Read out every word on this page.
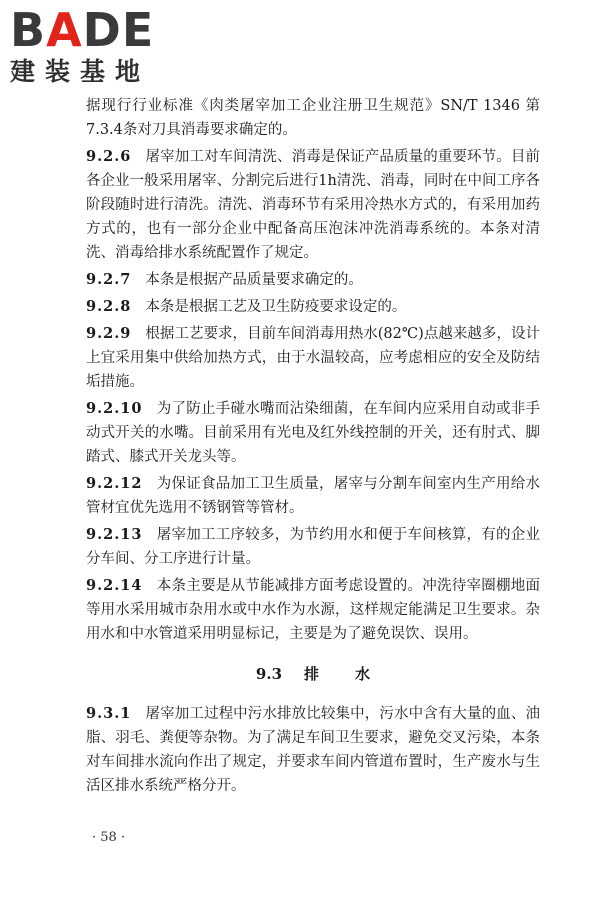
BADE
建装基地

据现行行业标准《肉类屠宰加工企业注册卫生规范》SN/T 1346 第7.3.4条对刀具消毒要求确定的。

9.2.6 屠宰加工对车间清洗、消毒是保证产品质量的重要环节。目前各企业一般采用屠宰、分割完后进行1h清洗、消毒，同时在中间工序各阶段随时进行清洗。清洗、消毒环节有采用冷热水方式的，有采用加药方式的，也有一部分企业中配备高压泡沫冲洗消毒系统的。本条对清洗、消毒给排水系统配置作了规定。

9.2.7 本条是根据产品质量要求确定的。

9.2.8 本条是根据工艺及卫生防疫要求设定的。

9.2.9 根据工艺要求，目前车间消毒用热水(82℃)点越来越多，设计上宜采用集中供给加热方式，由于水温较高，应考虑相应的安全及防结垢措施。

9.2.10 为了防止手碰水嘴而沾染细菌，在车间内应采用自动或非手动式开关的水嘴。目前采用有光电及红外线控制的开关，还有肘式、脚踏式、膝式开关龙头等。

9.2.12 为保证食品加工卫生质量，屠宰与分割车间室内生产用给水管材宜优先选用不锈钢管等管材。

9.2.13 屠宰加工工序较多，为节约用水和便于车间核算，有的企业分车间、分工序进行计量。

9.2.14 本条主要是从节能减排方面考虑设置的。冲洗待宰圈棚地面等用水采用城市杂用水或中水作为水源，这样规定能满足卫生要求。杂用水和中水管道采用明显标记，主要是为了避免误饮、误用。

9.3 排 水

9.3.1 屠宰加工过程中污水排放比较集中，污水中含有大量的血、油脂、羽毛、粪便等杂物。为了满足车间卫生要求，避免交叉污染，本条对车间排水流向作出了规定，并要求车间内管道布置时，生产废水与生活区排水系统严格分开。

· 58 ·
